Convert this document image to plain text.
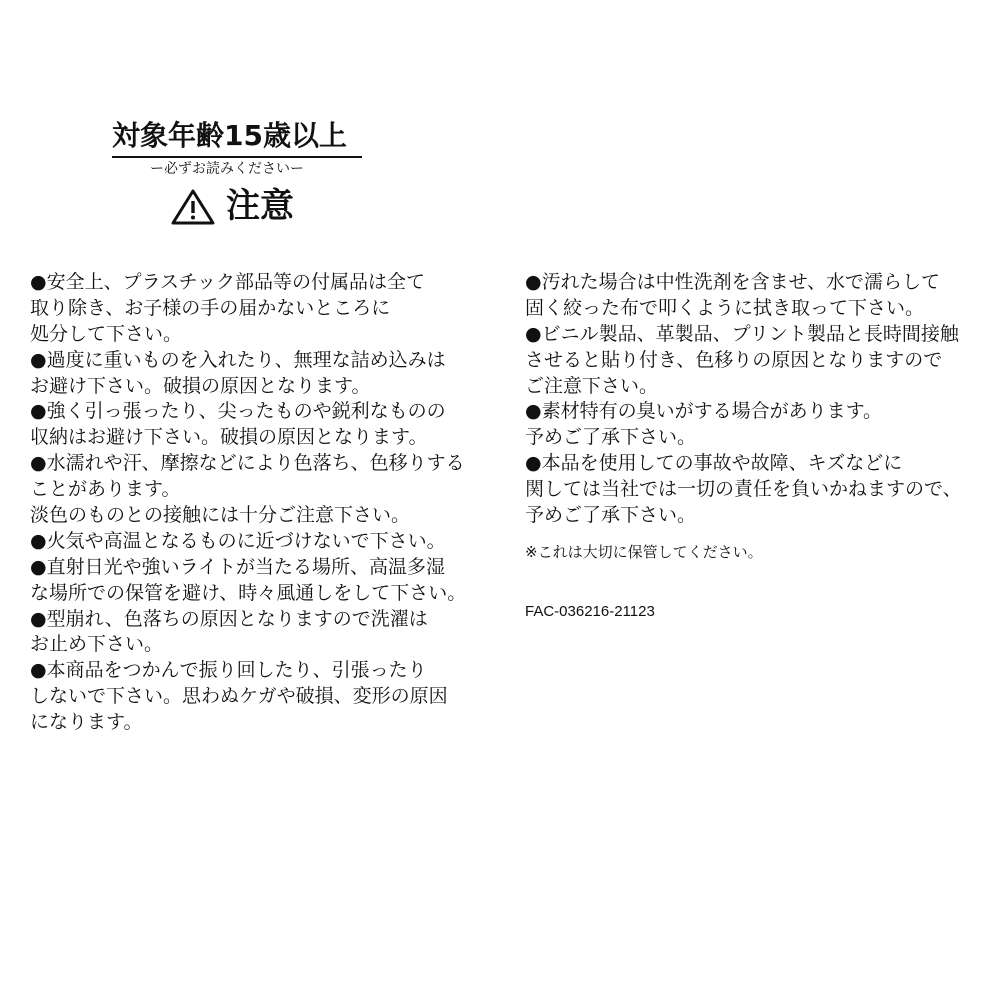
対象年齢15歳以上
ー必ずお読みくださいー
注意
●安全上、プラスチック部品等の付属品は全て
取り除き、お子様の手の届かないところに
処分して下さい。
●過度に重いものを入れたり、無理な詰め込みは
お避け下さい。破損の原因となります。
●強く引っ張ったり、尖ったものや鋭利なものの
収納はお避け下さい。破損の原因となります。
●水濡れや汗、摩擦などにより色落ち、色移りする
ことがあります。
淡色のものとの接触には十分ご注意下さい。
●火気や高温となるものに近づけないで下さい。
●直射日光や強いライトが当たる場所、高温多湿
な場所での保管を避け、時々風通しをして下さい。
●型崩れ、色落ちの原因となりますので洗濯は
お止め下さい。
●本商品をつかんで振り回したり、引張ったり
しないで下さい。思わぬケガや破損、変形の原因
になります。
●汚れた場合は中性洗剤を含ませ、水で濡らして
固く絞った布で叩くように拭き取って下さい。
●ビニル製品、革製品、プリント製品と長時間接触
させると貼り付き、色移りの原因となりますので
ご注意下さい。
●素材特有の臭いがする場合があります。
予めご了承下さい。
●本品を使用しての事故や故障、キズなどに
関しては当社では一切の責任を負いかねますので、
予めご了承下さい。
※これは大切に保管してください。
FAC-036216-21123
